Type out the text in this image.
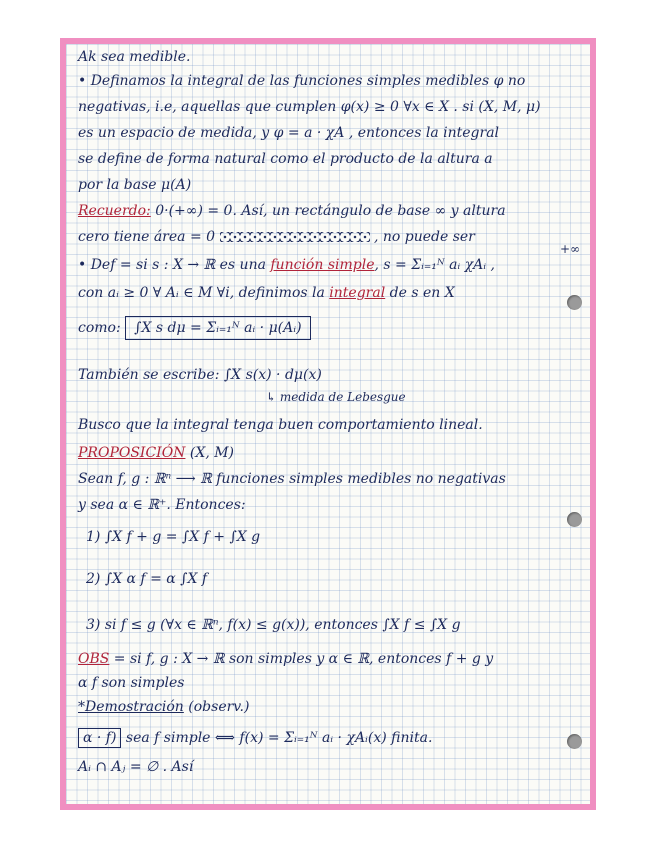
Ak sea medible.
• Definamos la integral de las funciones simples medibles φ no
negativas, i.e, aquellas que cumplen φ(x) ≥ 0 ∀x ∈ X . si (X, M, μ)
es un espacio de medida, y φ = a · χA , entonces la integral
se define de forma natural como el producto de la altura a
por la base μ(A)
Recuerdo: 0·(+∞) = 0. Así, un rectángulo de base ∞ y altura
cero tiene área = 0	, no puede ser
+∞
• Def = si s : X → ℝ es una función simple, s = Σᵢ₌₁ᴺ aᵢ χAᵢ ,
con aᵢ ≥ 0 ∀ Aᵢ ∈ M ∀i, definimos la integral de s en X
como: ∫X s dμ = Σᵢ₌₁ᴺ aᵢ · μ(Aᵢ)
También se escribe: ∫X s(x) · dμ(x)
↳ medida de Lebesgue
Busco que la integral tenga buen comportamiento lineal.
PROPOSICIÓN (X, M)
Sean f, g : ℝⁿ ⟶ ℝ funciones simples medibles no negativas
y sea α ∈ ℝ⁺. Entonces:
1) ∫X f + g = ∫X f + ∫X g
2) ∫X α f = α ∫X f
3) si f ≤ g (∀x ∈ ℝⁿ, f(x) ≤ g(x)), entonces ∫X f ≤ ∫X g
OBS = si f, g : X → ℝ son simples y α ∈ ℝ, entonces f + g y
α f son simples
*Demostración (observ.)
α · f) sea f simple ⟺ f(x) = Σᵢ₌₁ᴺ aᵢ · χAᵢ(x) finita.
Aᵢ ∩ Aⱼ = ∅ . Así
